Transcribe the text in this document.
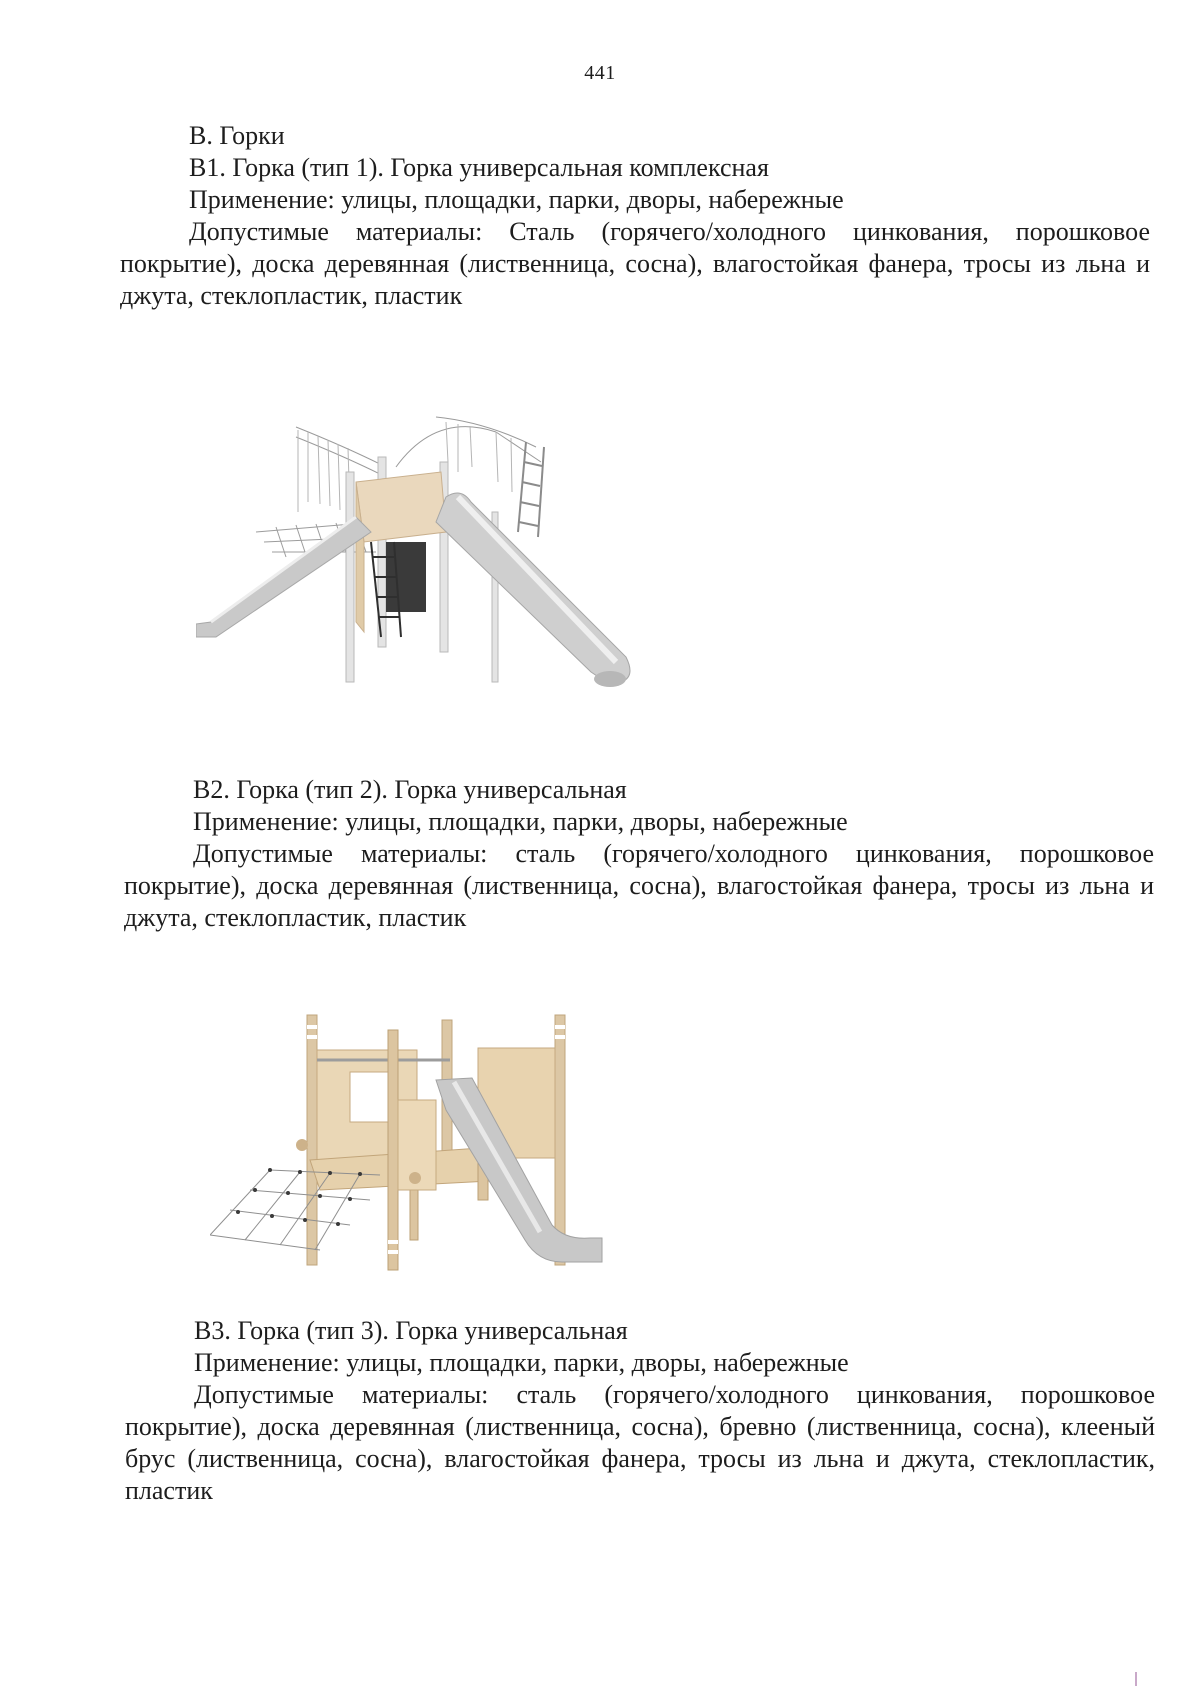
441
В. Горки

В1. Горка (тип 1). Горка универсальная комплексная

Применение: улицы, площадки, парки, дворы, набережные

Допустимые материалы: Сталь (горячего/холодного цинкования, порошковое покрытие), доска деревянная (лиственница, сосна), влагостойкая фанера, тросы из льна и джута, стеклопластик, пластик

В2. Горка (тип 2). Горка универсальная

Применение: улицы, площадки, парки, дворы, набережные

Допустимые материалы: сталь (горячего/холодного цинкования, порошковое покрытие), доска деревянная (лиственница, сосна), влагостойкая фанера, тросы из льна и джута, стеклопластик, пластик

В3. Горка (тип 3). Горка универсальная

Применение: улицы, площадки, парки, дворы, набережные

Допустимые материалы: сталь (горячего/холодного цинкования, порошковое покрытие), доска деревянная (лиственница, сосна), бревно (лиственница, сосна), клееный брус (лиственница, сосна), влагостойкая фанера, тросы из льна и джута, стеклопластик, пластик
